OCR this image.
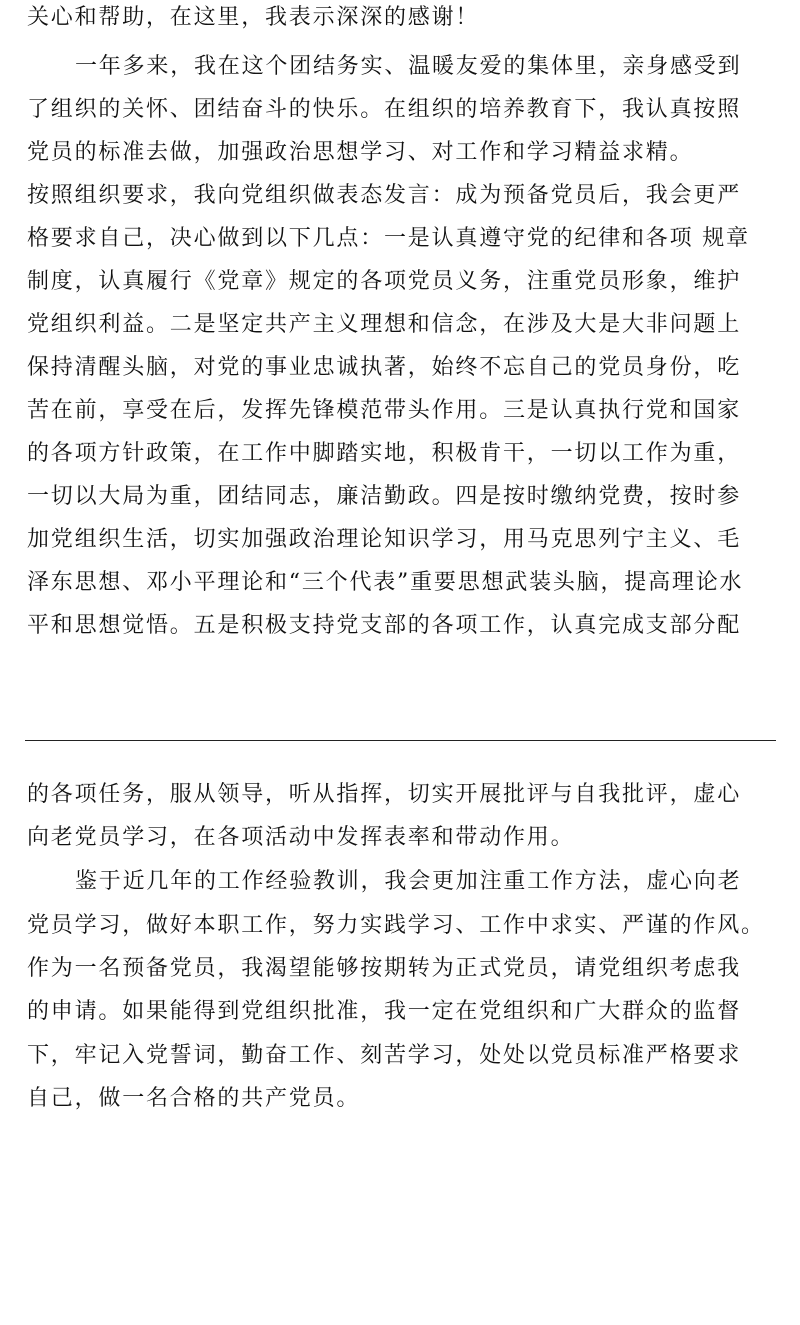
关心和帮助，在这里，我表示深深的感谢！
一年多来，我在这个团结务实、温暖友爱的集体里，亲身感受到
了组织的关怀、团结奋斗的快乐。在组织的培养教育下，我认真按照
党员的标准去做，加强政治思想学习、对工作和学习精益求精。
按照组织要求，我向党组织做表态发言：成为预备党员后，我会更严
格要求自己，决心做到以下几点：一是认真遵守党的纪律和各项 规章
制度，认真履行《党章》规定的各项党员义务，注重党员形象，维护
党组织利益。二是坚定共产主义理想和信念，在涉及大是大非问题上
保持清醒头脑，对党的事业忠诚执著，始终不忘自己的党员身份，吃
苦在前，享受在后，发挥先锋模范带头作用。三是认真执行党和国家
的各项方针政策，在工作中脚踏实地，积极肯干，一切以工作为重，
一切以大局为重，团结同志，廉洁勤政。四是按时缴纳党费，按时参
加党组织生活，切实加强政治理论知识学习，用马克思列宁主义、毛
泽东思想、邓小平理论和“三个代表”重要思想武装头脑，提高理论水
平和思想觉悟。五是积极支持党支部的各项工作，认真完成支部分配
的各项任务，服从领导，听从指挥，切实开展批评与自我批评，虚心
向老党员学习，在各项活动中发挥表率和带动作用。
鉴于近几年的工作经验教训，我会更加注重工作方法，虚心向老
党员学习，做好本职工作，努力实践学习、工作中求实、严谨的作风。
作为一名预备党员，我渴望能够按期转为正式党员，请党组织考虑我
的申请。如果能得到党组织批准，我一定在党组织和广大群众的监督
下，牢记入党誓词，勤奋工作、刻苦学习，处处以党员标准严格要求
自己，做一名合格的共产党员。
